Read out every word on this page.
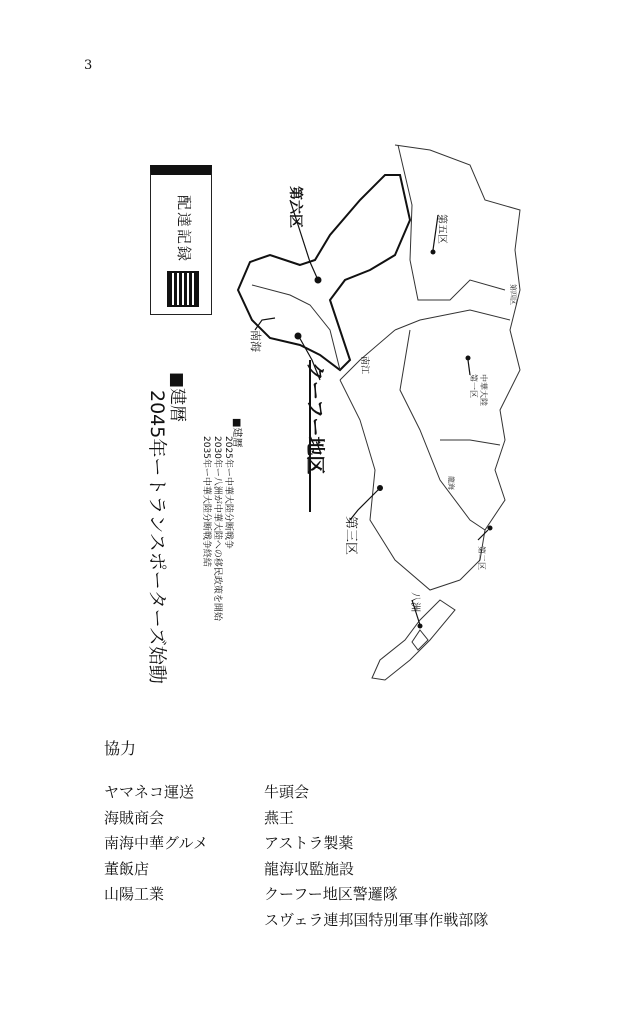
3
配達記録	第六区
第五区
第四区
中華大陸
第一区
南海
南江
クーフー地区
第三区
龍海
第二区
八洲
■建暦
2025年ー中華大陸分断戦争
2030年ー八洲が中華大陸への移民政策を開始
2035年ー中華大陸分断戦争終結
■建暦
2045年ートランスポーターズ始動
協力
ヤマネコ運送
海賊商会
南海中華グルメ
董飯店
山陽工業
牛頭会
燕王
アストラ製薬
龍海収監施設
クーフー地区警邏隊
スヴェラ連邦国特別軍事作戦部隊
